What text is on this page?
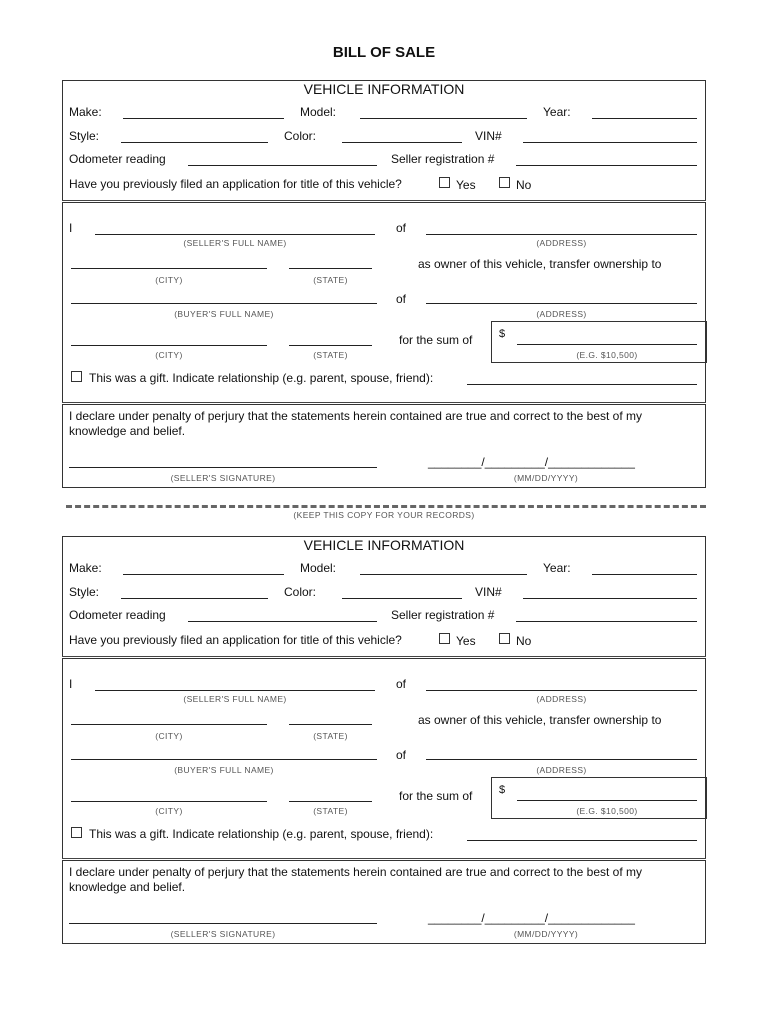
BILL OF SALE
VEHICLE INFORMATION
Make:	Model:	Year:
Style:	Color:	VIN#
Odometer reading	Seller registration #
Have you previously filed an application for title of this vehicle?	Yes	No
I
(SELLER'S FULL NAME)
of
(ADDRESS)
(CITY)	(STATE)
as owner of this vehicle, transfer ownership to
(BUYER'S FULL NAME)
of
(ADDRESS)
(CITY)	(STATE)
for the sum of $
(E.G. $10,500)
This was a gift. Indicate relationship (e.g. parent, spouse, friend):
I declare under penalty of perjury that the statements herein contained are true and correct to the best of my
knowledge and belief.
(SELLER'S SIGNATURE)
________/_________/_____________
(MM/DD/YYYY)
(KEEP THIS COPY FOR YOUR RECORDS)
VEHICLE INFORMATION
Make:	Model:	Year:
Style:	Color:	VIN#
Odometer reading	Seller registration #
Have you previously filed an application for title of this vehicle?	Yes	No
I
(SELLER'S FULL NAME)
of
(ADDRESS)
(CITY)	(STATE)
as owner of this vehicle, transfer ownership to
(BUYER'S FULL NAME)
of
(ADDRESS)
(CITY)	(STATE)
for the sum of $
(E.G. $10,500)
This was a gift. Indicate relationship (e.g. parent, spouse, friend):
I declare under penalty of perjury that the statements herein contained are true and correct to the best of my
knowledge and belief.
(SELLER'S SIGNATURE)
________/_________/_____________
(MM/DD/YYYY)
